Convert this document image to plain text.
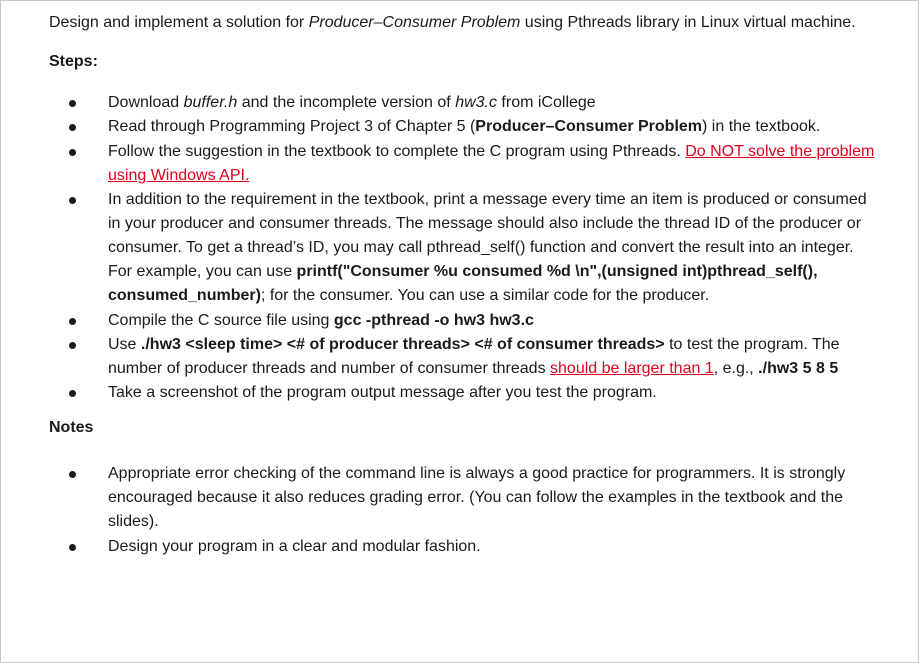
Design and implement a solution for Producer–Consumer Problem using Pthreads library in Linux virtual machine.

Steps:

Download buffer.h and the incomplete version of hw3.c from iCollege
Read through Programming Project 3 of Chapter 5 (Producer–Consumer Problem) in the textbook.
Follow the suggestion in the textbook to complete the C program using Pthreads. Do NOT solve the problem using Windows API.
In addition to the requirement in the textbook, print a message every time an item is produced or consumed in your producer and consumer threads. The message should also include the thread ID of the producer or consumer. To get a thread’s ID, you may call pthread_self() function and convert the result into an integer. For example, you can use printf("Consumer %u consumed %d \n",(unsigned int)pthread_self(), consumed_number); for the consumer. You can use a similar code for the producer.
Compile the C source file using gcc -pthread -o hw3 hw3.c
Use ./hw3 <sleep time> <# of producer threads> <# of consumer threads> to test the program. The number of producer threads and number of consumer threads should be larger than 1, e.g., ./hw3 5 8 5
Take a screenshot of the program output message after you test the program.

Notes

Appropriate error checking of the command line is always a good practice for programmers. It is strongly encouraged because it also reduces grading error. (You can follow the examples in the textbook and the slides).
Design your program in a clear and modular fashion.
